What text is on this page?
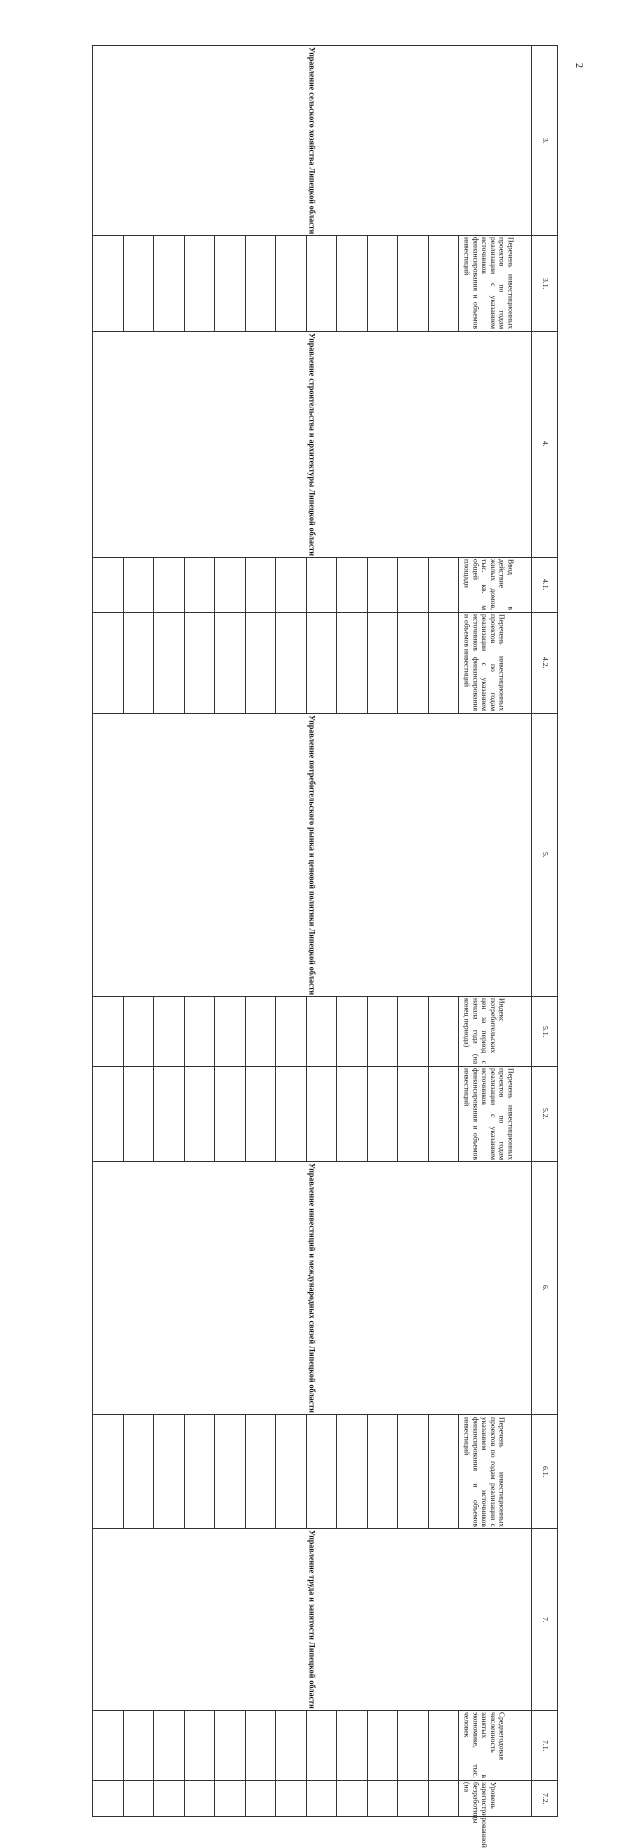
2
Управление сельского хозяйства Липецкой области													3.

												Перечень инвестиционных проектов по годам реализации с указанием источников финансирования и объемов инвестиций	3.1.

Управление строительства и архитектуры Липецкой области													4.

												Ввод в действие жилых домов, тыс. кв. м общей площади	4.1.

												Перечень инвестиционных проектов по годам реализации с указанием источников финансирования и объемов инвестиций	4.2.

Управление потребительского рынка и ценовой политики Липецкой области													5.

												Индекс потребительских цен за период с начала года (на конец периода)	5.1.

												Перечень инвестиционных проектов по годам реализации с указанием источников финансирования и объемов инвестиций	5.2.

Управление инвестиций и международных связей Липецкой области													6.

												Перечень инвестиционных проектов по годам реализации с указанием источников финансирования и объемов инвестиций	6.1.

Управление труда и занятости Липецкой области													7.

												Среднегодовая численность занятых в экономике, тыс. человек	7.1.

												Уровень зарегистрированной безработицы (на	7.2.
